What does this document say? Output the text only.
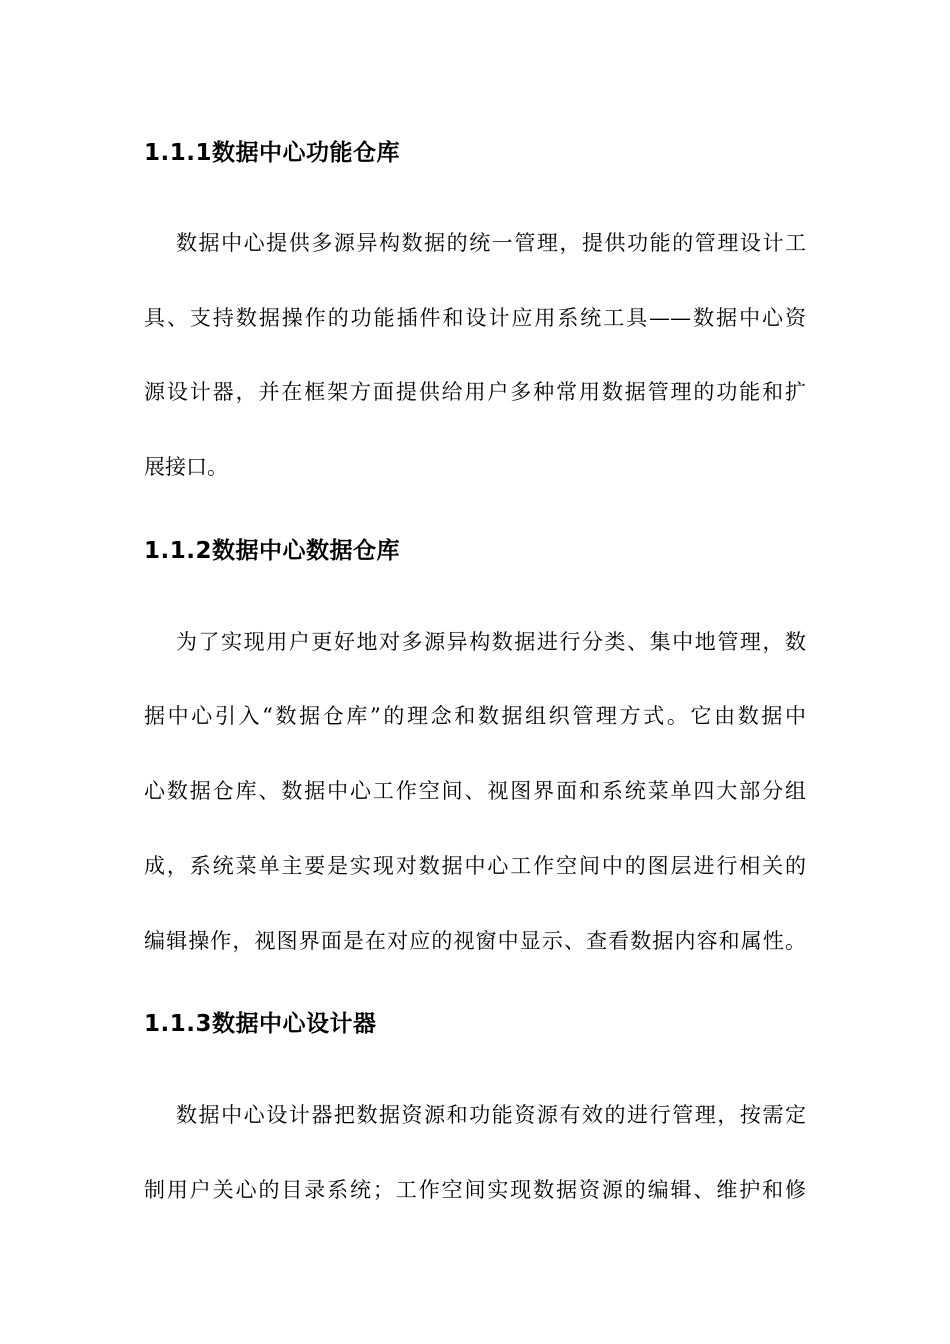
1.1.1数据中心功能仓库
数据中心提供多源异构数据的统一管理，提供功能的管理设计工
具、支持数据操作的功能插件和设计应用系统工具——数据中心资
源设计器，并在框架方面提供给用户多种常用数据管理的功能和扩
展接口。
1.1.2数据中心数据仓库
为了实现用户更好地对多源异构数据进行分类、集中地管理，数
据中心引入“数据仓库”的理念和数据组织管理方式。它由数据中
心数据仓库、数据中心工作空间、视图界面和系统菜单四大部分组
成，系统菜单主要是实现对数据中心工作空间中的图层进行相关的
编辑操作，视图界面是在对应的视窗中显示、查看数据内容和属性。
1.1.3数据中心设计器
数据中心设计器把数据资源和功能资源有效的进行管理，按需定
制用户关心的目录系统；工作空间实现数据资源的编辑、维护和修
